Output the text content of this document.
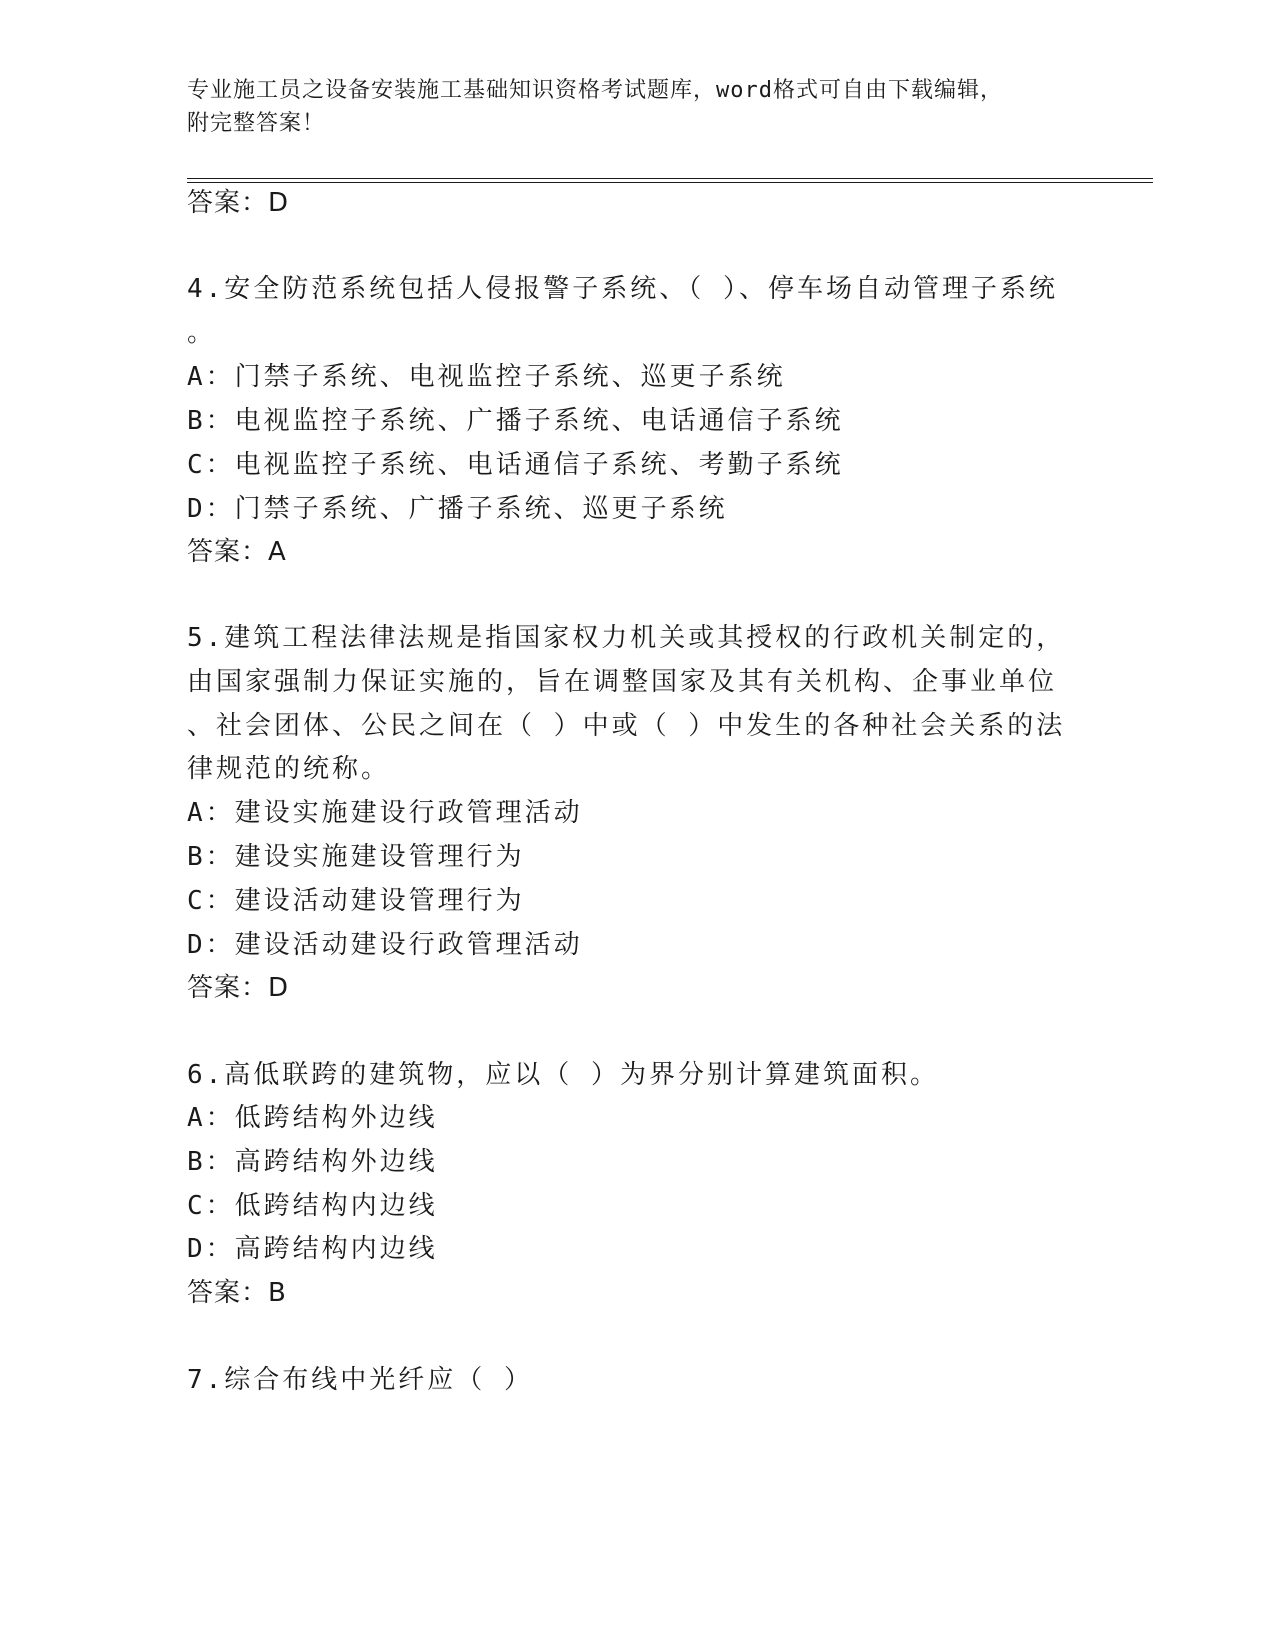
专业施工员之设备安装施工基础知识资格考试题库，word格式可自由下载编辑，
附完整答案！
答案：D
4.安全防范系统包括人侵报警子系统、（ ）、停车场自动管理子系统
。
A：门禁子系统、电视监控子系统、巡更子系统
B：电视监控子系统、广播子系统、电话通信子系统
C：电视监控子系统、电话通信子系统、考勤子系统
D：门禁子系统、广播子系统、巡更子系统
答案：A
5.建筑工程法律法规是指国家权力机关或其授权的行政机关制定的，
由国家强制力保证实施的，旨在调整国家及其有关机构、企事业单位
、社会团体、公民之间在（ ）中或（ ）中发生的各种社会关系的法
律规范的统称。
A：建设实施建设行政管理活动
B：建设实施建设管理行为
C：建设活动建设管理行为
D：建设活动建设行政管理活动
答案：D
6.高低联跨的建筑物，应以（ ）为界分别计算建筑面积。
A：低跨结构外边线
B：高跨结构外边线
C：低跨结构内边线
D：高跨结构内边线
答案：B
7.综合布线中光纤应（ ）
